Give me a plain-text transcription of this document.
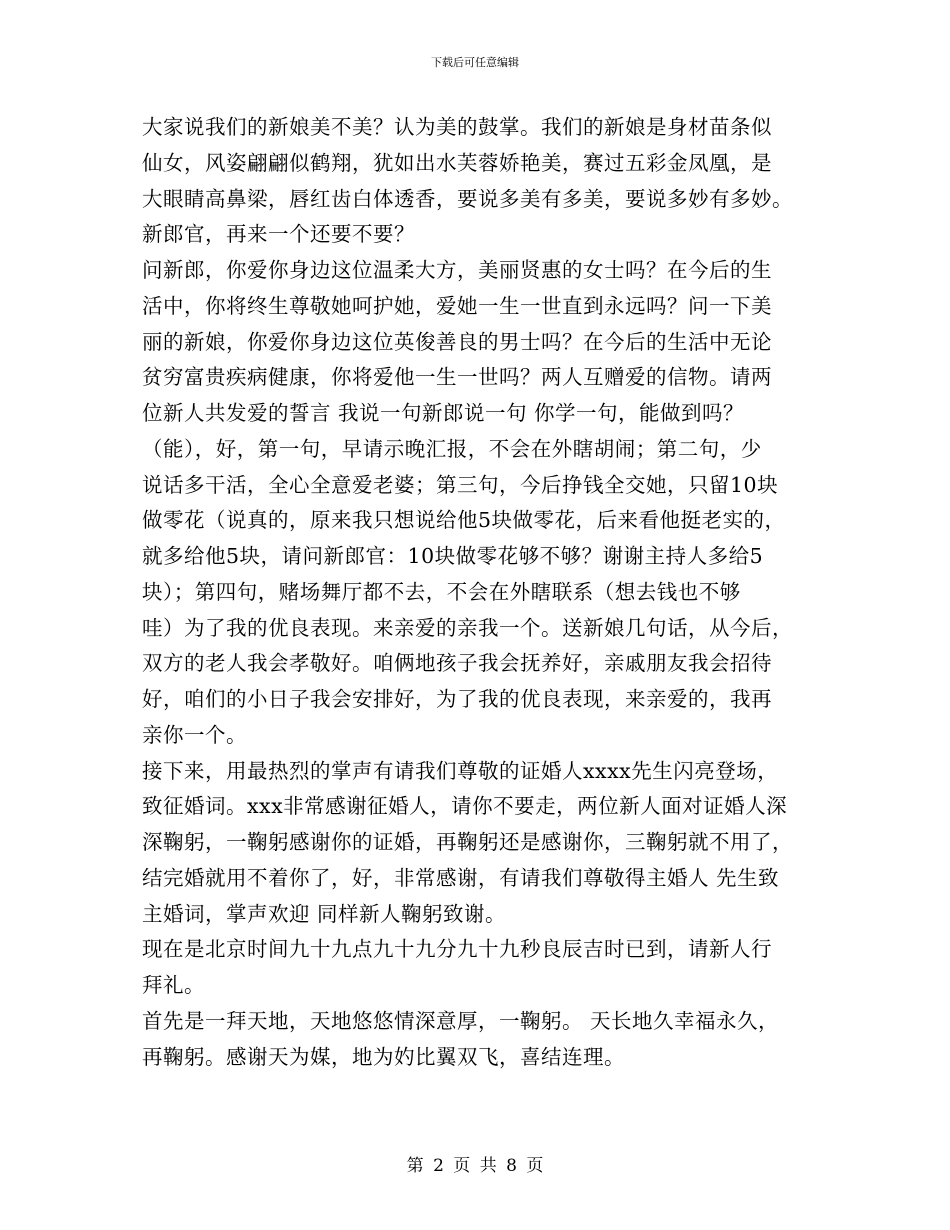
下载后可任意编辑
大家说我们的新娘美不美？认为美的鼓掌。我们的新娘是身材苗条似
仙女，风姿翩翩似鹤翔，犹如出水芙蓉娇艳美，赛过五彩金凤凰，是
大眼睛高鼻梁，唇红齿白体透香，要说多美有多美，要说多妙有多妙。
新郎官，再来一个还要不要？
问新郎，你爱你身边这位温柔大方，美丽贤惠的女士吗？在今后的生
活中，你将终生尊敬她呵护她，爱她一生一世直到永远吗？问一下美
丽的新娘，你爱你身边这位英俊善良的男士吗？在今后的生活中无论
贫穷富贵疾病健康，你将爱他一生一世吗？两人互赠爱的信物。请两
位新人共发爱的誓言 我说一句新郎说一句 你学一句，能做到吗？
（能），好，第一句，早请示晚汇报，不会在外瞎胡闹；第二句，少
说话多干活，全心全意爱老婆；第三句，今后挣钱全交她，只留10块
做零花（说真的，原来我只想说给他5块做零花，后来看他挺老实的，
就多给他5块，请问新郎官：10块做零花够不够？谢谢主持人多给5
块）；第四句，赌场舞厅都不去，不会在外瞎联系（想去钱也不够
哇）为了我的优良表现。来亲爱的亲我一个。送新娘几句话，从今后，
双方的老人我会孝敬好。咱俩地孩子我会抚养好，亲戚朋友我会招待
好，咱们的小日子我会安排好，为了我的优良表现，来亲爱的，我再
亲你一个。
接下来，用最热烈的掌声有请我们尊敬的证婚人xxxx先生闪亮登场，
致征婚词。xxx非常感谢征婚人，请你不要走，两位新人面对证婚人深
深鞠躬，一鞠躬感谢你的证婚，再鞠躬还是感谢你，三鞠躬就不用了，
结完婚就用不着你了，好，非常感谢，有请我们尊敬得主婚人 先生致
主婚词，掌声欢迎 同样新人鞠躬致谢。
现在是北京时间九十九点九十九分九十九秒良辰吉时已到，请新人行
拜礼。
首先是一拜天地，天地悠悠情深意厚，一鞠躬。 天长地久幸福永久，
再鞠躬。感谢天为媒，地为妁比翼双飞，喜结连理。
第 2 页 共 8 页
